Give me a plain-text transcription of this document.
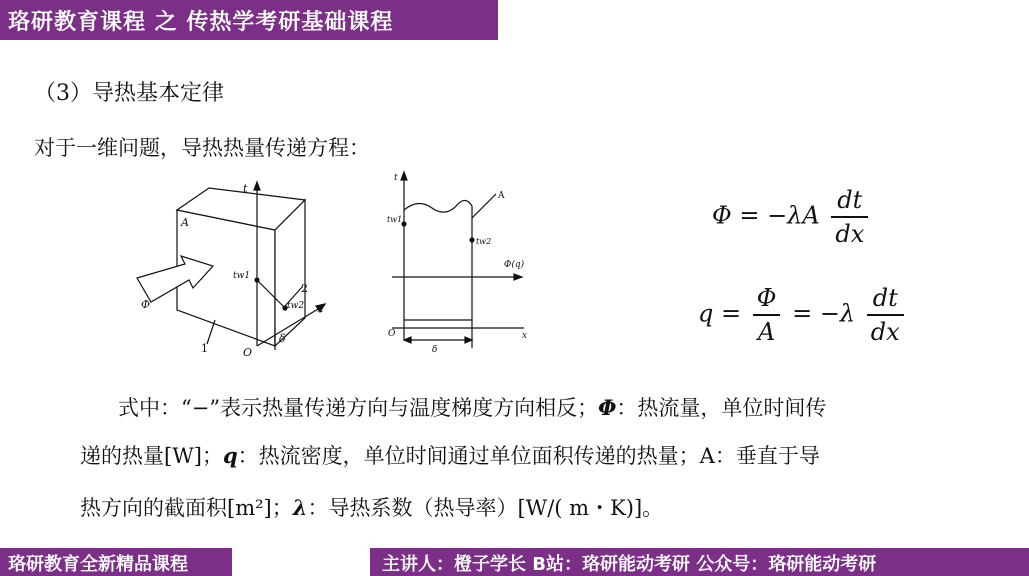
珞研教育课程 之 传热学考研基础课程
（3）导热基本定律
对于一维问题，导热热量传递方程：
t
A
tw1
tw2
2
x
Φ
1	O
δ
t
A
tw1
tw2
Φ(q)
O	x
δ
$\Phi = -\lambda A \frac{dt}{dx}$
$q = \frac{\Phi}{A} = -\lambda \frac{dt}{dx}$
式中：“−”表示热量传递方向与温度梯度方向相反；Φ：热流量，单位时间传
递的热量[W]；q：热流密度，单位时间通过单位面积传递的热量；A：垂直于导
热方向的截面积[m²]；λ：导热系数（热导率）[W/( m・K)]。
珞研教育全新精品课程	主讲人：橙子学长 B站：珞研能动考研 公众号：珞研能动考研
